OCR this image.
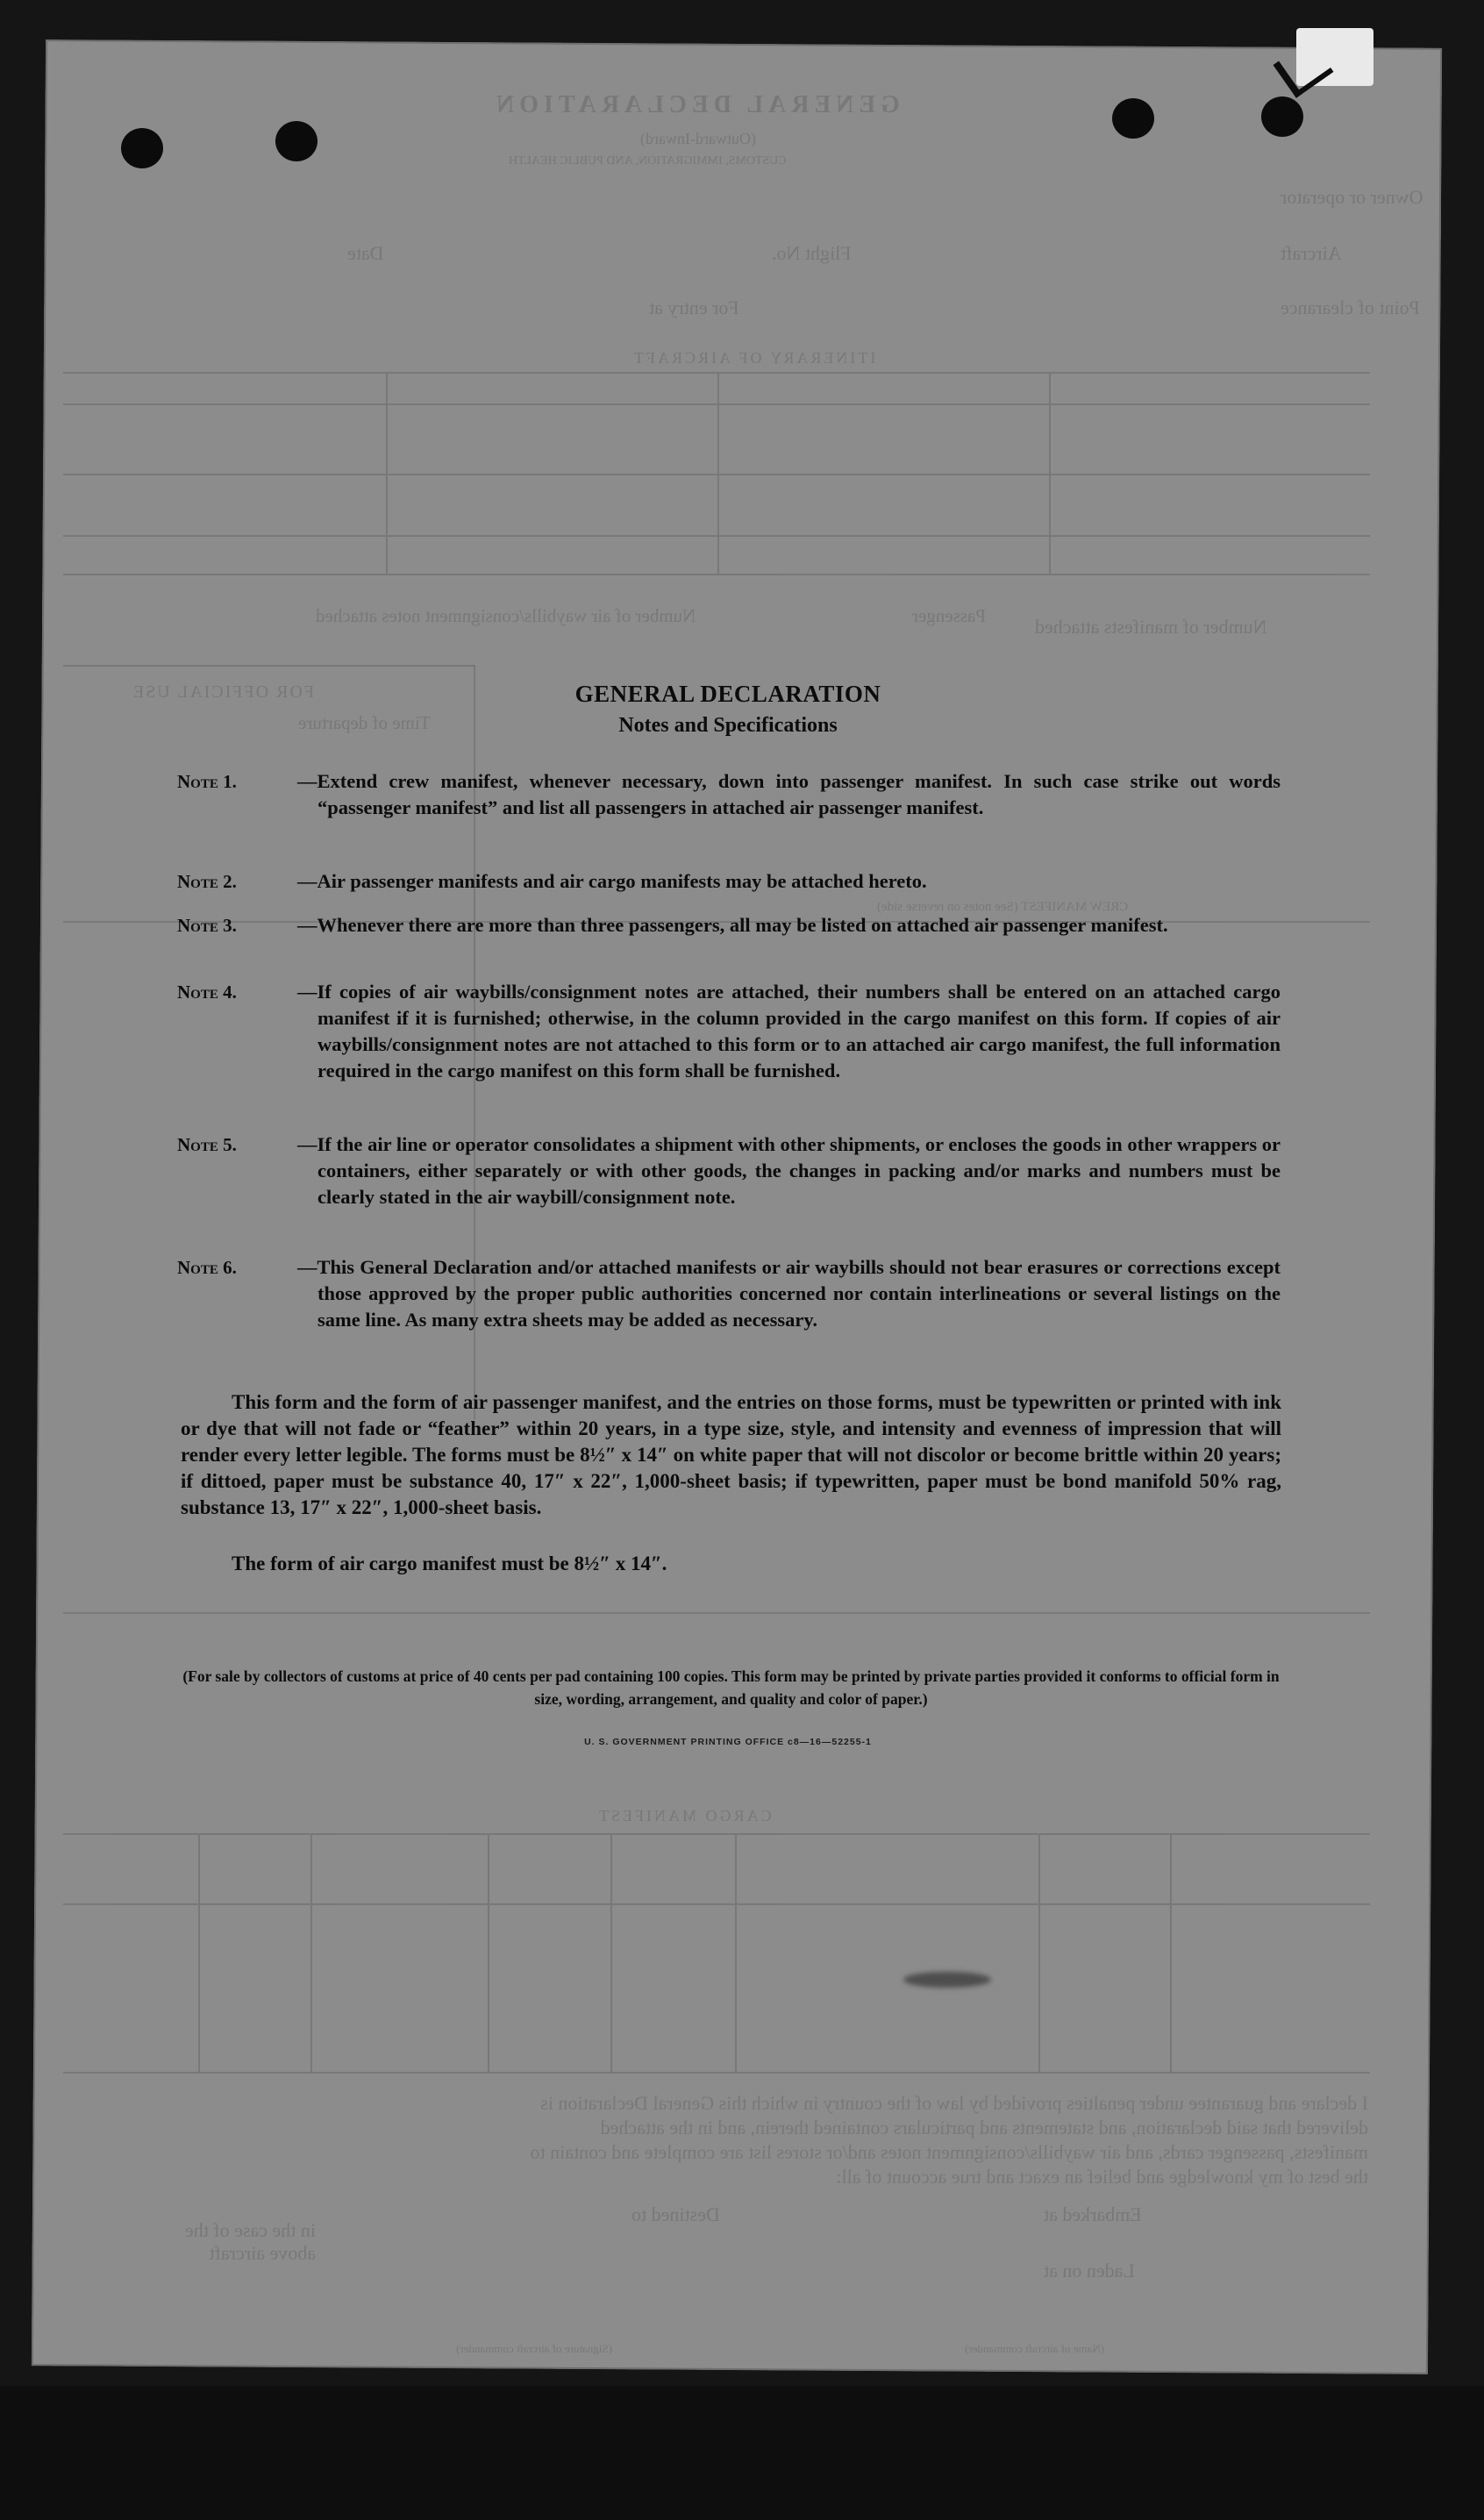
GENERAL DECLARATION
(Outward-Inward)
CUSTOMS, IMMIGRATION, AND PUBLIC HEALTH
Owner or operator
Aircraft
Flight No.
Date
Point of clearance
For entry at
ITINERARY OF AIRCRAFT
Number of manifests attached
Passenger
Number of air waybills/consignment notes attached
FOR OFFICIAL USE
Time of departure
CREW MANIFEST (See notes on reverse side)
CARGO MANIFEST
I declare and guarantee under penalties provided by law of the country in which this General Declaration is delivered that said declaration, and statements and particulars contained therein, and in the attached manifests, passenger cards, and air waybills/consignment notes and/or stores list are complete and contain to the best of my knowledge and belief an exact and true account of all:
Embarked at
Laden on at
Destined to
in the case of the above aircraft
(Signature of aircraft commander)	(Name of aircraft commander)
GENERAL DECLARATION
Notes and Specifications
Note 1.	—Extend crew manifest, whenever necessary, down into passenger manifest. In such case strike out words “passenger manifest” and list all passengers in attached air passenger manifest.
Note 2.	—Air passenger manifests and air cargo manifests may be attached hereto.
Note 3.	—Whenever there are more than three passengers, all may be listed on attached air passenger manifest.
Note 4.	—If copies of air waybills/consignment notes are attached, their numbers shall be entered on an attached cargo manifest if it is furnished; otherwise, in the column provided in the cargo manifest on this form. If copies of air waybills/consignment notes are not attached to this form or to an attached air cargo manifest, the full information required in the cargo manifest on this form shall be furnished.
Note 5.	—If the air line or operator consolidates a shipment with other shipments, or encloses the goods in other wrappers or containers, either separately or with other goods, the changes in packing and/or marks and numbers must be clearly stated in the air waybill/consignment note.
Note 6.	—This General Declaration and/or attached manifests or air waybills should not bear erasures or corrections except those approved by the proper public authorities concerned nor contain interlineations or several listings on the same line. As many extra sheets may be added as necessary.
This form and the form of air passenger manifest, and the entries on those forms, must be typewritten or printed with ink or dye that will not fade or “feather” within 20 years, in a type size, style, and intensity and evenness of impression that will render every letter legible. The forms must be 8½″ x 14″ on white paper that will not discolor or become brittle within 20 years; if dittoed, paper must be substance 40, 17″ x 22″, 1,000-sheet basis; if typewritten, paper must be bond manifold 50% rag, substance 13, 17″ x 22″, 1,000-sheet basis.
The form of air cargo manifest must be 8½″ x 14″.
(For sale by collectors of customs at price of 40 cents per pad containing 100 copies. This form may be printed by private parties provided it conforms to official form in size, wording, arrangement, and quality and color of paper.)
U. S. GOVERNMENT PRINTING OFFICE c8—16—52255-1
